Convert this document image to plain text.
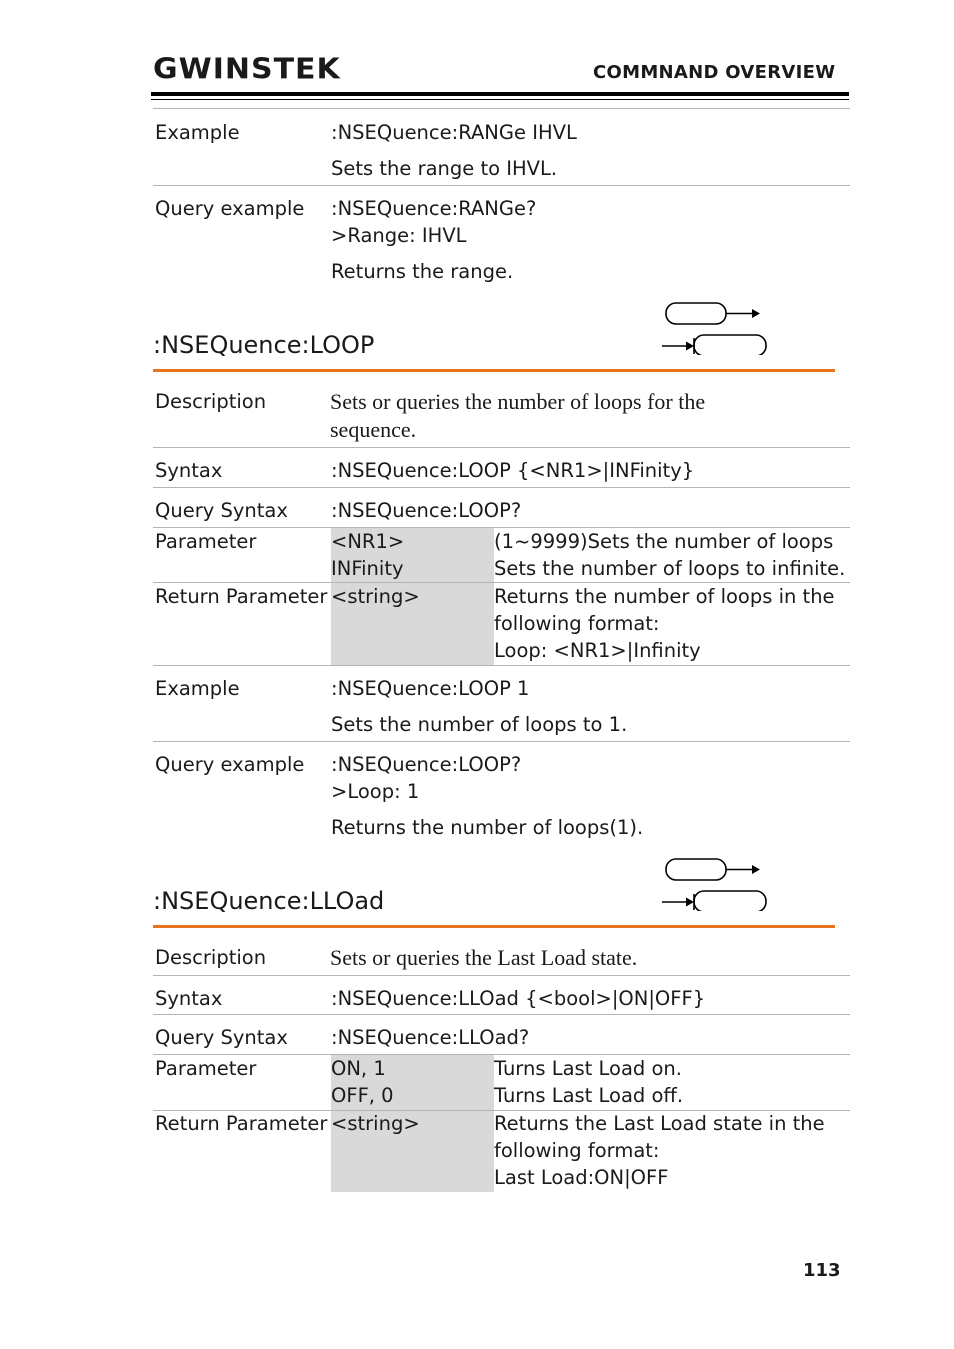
GWINSTEK	COMMNAND OVERVIEW
Example	:NSEQuence:RANGe IHVL
Sets the range to IHVL.
Query example :NSEQuence:RANGe?
>Range: IHVL
Returns the range.
:NSEQuence:LOOP
Description	Sets or queries the number of loops for the
sequence.
Syntax	:NSEQuence:LOOP {<NR1>|INFinity}
Query Syntax :NSEQuence:LOOP?
Parameter	<NR1>	(1~9999)Sets the number of loops
INFinity	Sets the number of loops to infinite.
Return Parameter <string>	Returns the number of loops in the
following format:
Loop: <NR1>|Infinity
Example	:NSEQuence:LOOP 1
Sets the number of loops to 1.
Query example :NSEQuence:LOOP?
>Loop: 1
Returns the number of loops(1).
:NSEQuence:LLOad
Description	Sets or queries the Last Load state.
Syntax	:NSEQuence:LLOad {<bool>|ON|OFF}
Query Syntax :NSEQuence:LLOad?
Parameter	ON, 1	Turns Last Load on.
OFF, 0	Turns Last Load off.
Return Parameter <string>	Returns the Last Load state in the
following format:
Last Load:ON|OFF
113
